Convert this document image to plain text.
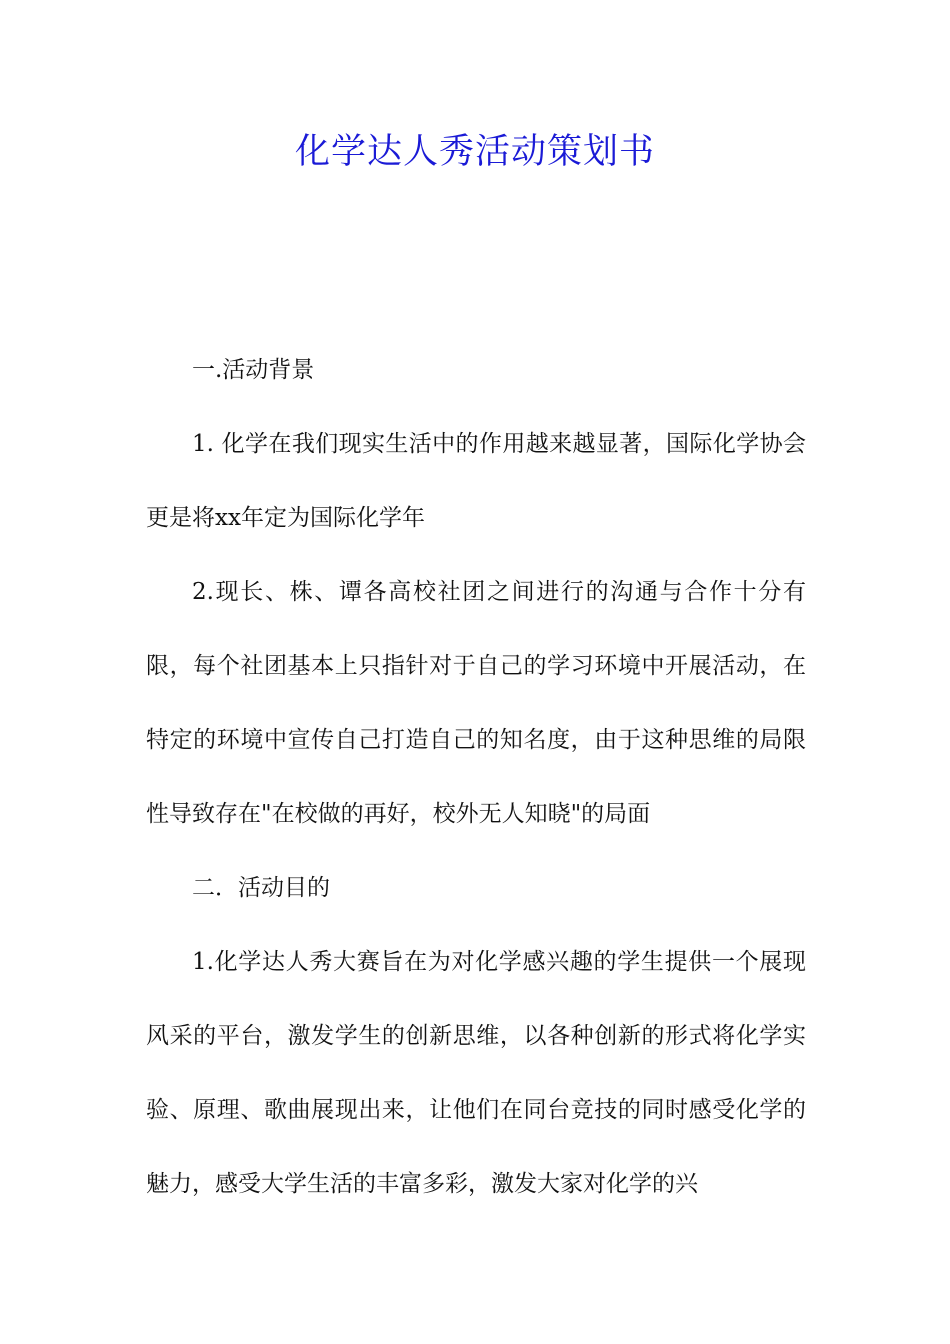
化学达人秀活动策划书

一.活动背景

1. 化学在我们现实生活中的作用越来越显著，国际化学协会更是将xx年定为国际化学年

2.现长、株、谭各高校社团之间进行的沟通与合作十分有限，每个社团基本上只指针对于自己的学习环境中开展活动，在特定的环境中宣传自己打造自己的知名度，由于这种思维的局限性导致存在"在校做的再好，校外无人知晓"的局面

二．活动目的

1.化学达人秀大赛旨在为对化学感兴趣的学生提供一个展现风采的平台，激发学生的创新思维，以各种创新的形式将化学实验、原理、歌曲展现出来，让他们在同台竞技的同时感受化学的魅力，感受大学生活的丰富多彩，激发大家对化学的兴
